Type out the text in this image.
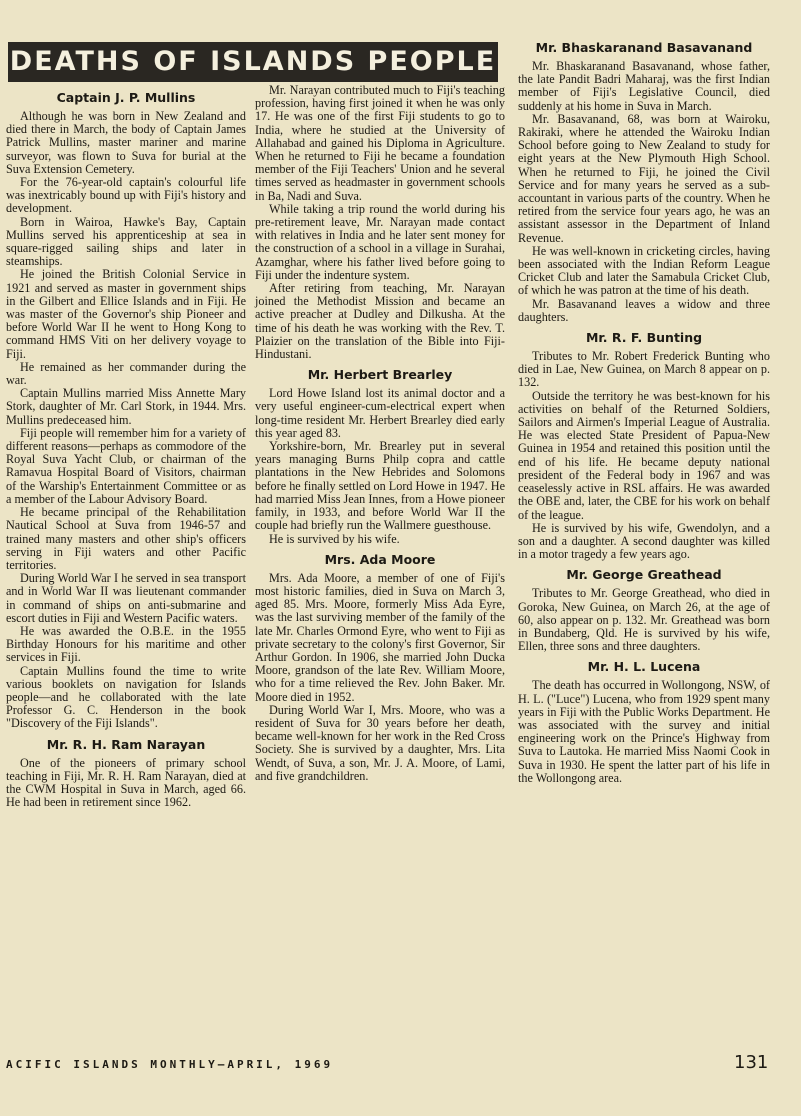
DEATHS OF ISLANDS PEOPLE
Captain J. P. Mullins

Although he was born in New Zealand and died there in March, the body of Captain James Patrick Mullins, master mariner and marine surveyor, was flown to Suva for burial at the Suva Extension Cemetery.

For the 76-year-old captain's colourful life was inextricably bound up with Fiji's history and development.

Born in Wairoa, Hawke's Bay, Captain Mullins served his apprenticeship at sea in square-rigged sailing ships and later in steamships.

He joined the British Colonial Service in 1921 and served as master in government ships in the Gilbert and Ellice Islands and in Fiji. He was master of the Governor's ship Pioneer and before World War II he went to Hong Kong to command HMS Viti on her delivery voyage to Fiji.

He remained as her commander during the war.

Captain Mullins married Miss Annette Mary Stork, daughter of Mr. Carl Stork, in 1944. Mrs. Mullins predeceased him.

Fiji people will remember him for a variety of different reasons—perhaps as commodore of the Royal Suva Yacht Club, or chairman of the Ramavua Hospital Board of Visitors, chairman of the Warship's Entertainment Committee or as a member of the Labour Advisory Board.

He became principal of the Rehabilitation Nautical School at Suva from 1946-57 and trained many masters and other ship's officers serving in Fiji waters and other Pacific territories.

During World War I he served in sea transport and in World War II was lieutenant commander in command of ships on anti-submarine and escort duties in Fiji and Western Pacific waters.

He was awarded the O.B.E. in the 1955 Birthday Honours for his maritime and other services in Fiji.

Captain Mullins found the time to write various booklets on navigation for Islands people—and he collaborated with the late Professor G. C. Henderson in the book "Discovery of the Fiji Islands".

Mr. R. H. Ram Narayan

One of the pioneers of primary school teaching in Fiji, Mr. R. H. Ram Narayan, died at the CWM Hospital in Suva in March, aged 66. He had been in retirement since 1962.

Mr. Narayan contributed much to Fiji's teaching profession, having first joined it when he was only 17. He was one of the first Fiji students to go to India, where he studied at the University of Allahabad and gained his Diploma in Agriculture. When he returned to Fiji he became a foundation member of the Fiji Teachers' Union and he several times served as headmaster in government schools in Ba, Nadi and Suva.

While taking a trip round the world during his pre-retirement leave, Mr. Narayan made contact with relatives in India and he later sent money for the construction of a school in a village in Surahai, Azamghar, where his father lived before going to Fiji under the indenture system.

After retiring from teaching, Mr. Narayan joined the Methodist Mission and became an active preacher at Dudley and Dilkusha. At the time of his death he was working with the Rev. T. Plaizier on the translation of the Bible into Fiji-Hindustani.

Mr. Herbert Brearley

Lord Howe Island lost its animal doctor and a very useful engineer-cum-electrical expert when long-time resident Mr. Herbert Brearley died early this year aged 83.

Yorkshire-born, Mr. Brearley put in several years managing Burns Philp copra and cattle plantations in the New Hebrides and Solomons before he finally settled on Lord Howe in 1947. He had married Miss Jean Innes, from a Howe pioneer family, in 1933, and before World War II the couple had briefly run the Wallmere guesthouse.

He is survived by his wife.

Mrs. Ada Moore

Mrs. Ada Moore, a member of one of Fiji's most historic families, died in Suva on March 3, aged 85. Mrs. Moore, formerly Miss Ada Eyre, was the last surviving member of the family of the late Mr. Charles Ormond Eyre, who went to Fiji as private secretary to the colony's first Governor, Sir Arthur Gordon. In 1906, she married John Ducka Moore, grandson of the late Rev. William Moore, who for a time relieved the Rev. John Baker. Mr. Moore died in 1952.

During World War I, Mrs. Moore, who was a resident of Suva for 30 years before her death, became well-known for her work in the Red Cross Society. She is survived by a daughter, Mrs. Lita Wendt, of Suva, a son, Mr. J. A. Moore, of Lami, and five grandchildren.

Mr. Bhaskaranand Basavanand

Mr. Bhaskaranand Basavanand, whose father, the late Pandit Badri Maharaj, was the first Indian member of Fiji's Legislative Council, died suddenly at his home in Suva in March.

Mr. Basavanand, 68, was born at Wairoku, Rakiraki, where he attended the Wairoku Indian School before going to New Zealand to study for eight years at the New Plymouth High School. When he returned to Fiji, he joined the Civil Service and for many years he served as a sub-accountant in various parts of the country. When he retired from the service four years ago, he was an assistant assessor in the Department of Inland Revenue.

He was well-known in cricketing circles, having been associated with the Indian Reform League Cricket Club and later the Samabula Cricket Club, of which he was patron at the time of his death.

Mr. Basavanand leaves a widow and three daughters.

Mr. R. F. Bunting

Tributes to Mr. Robert Frederick Bunting who died in Lae, New Guinea, on March 8 appear on p. 132.

Outside the territory he was best-known for his activities on behalf of the Returned Soldiers, Sailors and Airmen's Imperial League of Australia. He was elected State President of Papua-New Guinea in 1954 and retained this position until the end of his life. He became deputy national president of the Federal body in 1967 and was ceaselessly active in RSL affairs. He was awarded the OBE and, later, the CBE for his work on behalf of the league.

He is survived by his wife, Gwendolyn, and a son and a daughter. A second daughter was killed in a motor tragedy a few years ago.

Mr. George Greathead

Tributes to Mr. George Greathead, who died in Goroka, New Guinea, on March 26, at the age of 60, also appear on p. 132. Mr. Greathead was born in Bundaberg, Qld. He is survived by his wife, Ellen, three sons and three daughters.

Mr. H. L. Lucena

The death has occurred in Wollongong, NSW, of H. L. ("Luce") Lucena, who from 1929 spent many years in Fiji with the Public Works Department. He was associated with the survey and initial engineering work on the Prince's Highway from Suva to Lautoka. He married Miss Naomi Cook in Suva in 1930. He spent the latter part of his life in the Wollongong area.

ACIFIC ISLANDS MONTHLY—APRIL, 1969	131
